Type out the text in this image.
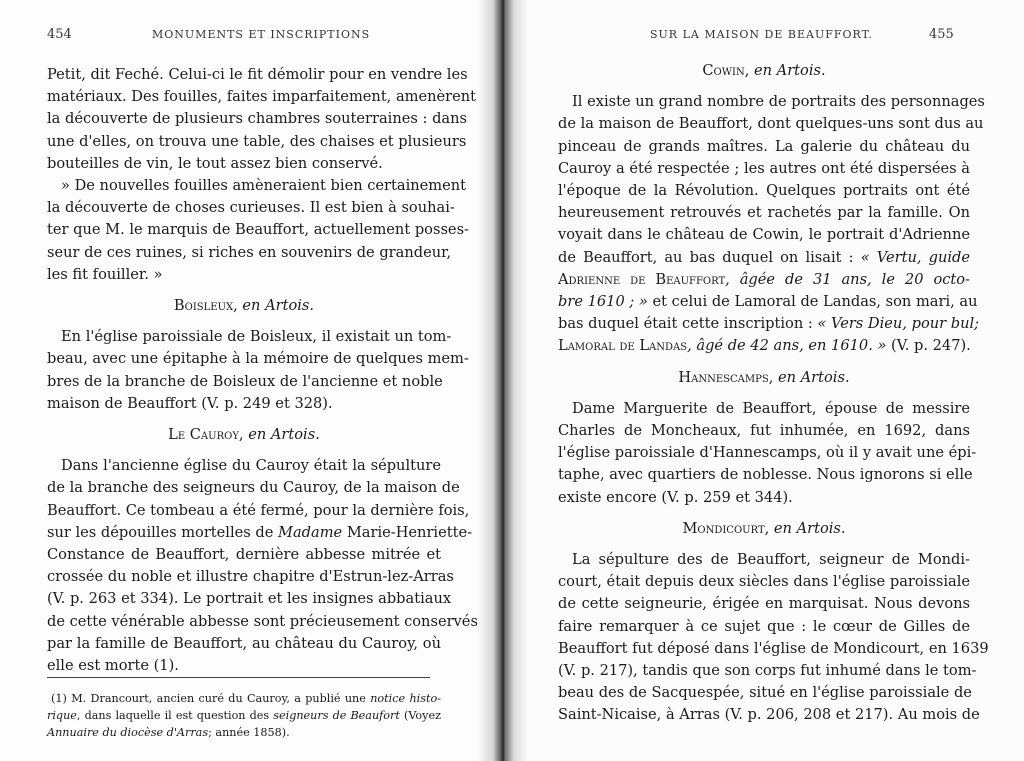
454	MONUMENTS ET INSCRIPTIONS
Petit, dit Feché. Celui-ci le fit démolir pour en vendre les
matériaux. Des fouilles, faites imparfaitement, amenèrent
la découverte de plusieurs chambres souterraines : dans
une d'elles, on trouva une table, des chaises et plusieurs
bouteilles de vin, le tout assez bien conservé.
» De nouvelles fouilles amèneraient bien certainement
la découverte de choses curieuses. Il est bien à souhai-
ter que M. le marquis de Beauffort, actuellement posses-
seur de ces ruines, si riches en souvenirs de grandeur,
les fit fouiller. »
Boisleux, en Artois.
En l'église paroissiale de Boisleux, il existait un tom-
beau, avec une épitaphe à la mémoire de quelques mem-
bres de la branche de Boisleux de l'ancienne et noble
maison de Beauffort (V. p. 249 et 328).
Le Cauroy, en Artois.
Dans l'ancienne église du Cauroy était la sépulture
de la branche des seigneurs du Cauroy, de la maison de
Beauffort. Ce tombeau a été fermé, pour la dernière fois,
sur les dépouilles mortelles de Madame Marie-Henriette-
Constance de Beauffort, dernière abbesse mitrée et
crossée du noble et illustre chapitre d'Estrun-lez-Arras
(V. p. 263 et 334). Le portrait et les insignes abbatiaux
de cette vénérable abbesse sont précieusement conservés
par la famille de Beauffort, au château du Cauroy, où
elle est morte (1).
(1) M. Drancourt, ancien curé du Cauroy, a publié une notice histo-
rique, dans laquelle il est question des seigneurs de Beaufort (Voyez
Annuaire du diocèse d'Arras; année 1858).
SUR LA MAISON DE BEAUFFORT.	455
Cowin, en Artois.
Il existe un grand nombre de portraits des personnages
de la maison de Beauffort, dont quelques-uns sont dus au
pinceau de grands maîtres. La galerie du château du
Cauroy a été respectée ; les autres ont été dispersées à
l'époque de la Révolution. Quelques portraits ont été
heureusement retrouvés et rachetés par la famille. On
voyait dans le château de Cowin, le portrait d'Adrienne
de Beauffort, au bas duquel on lisait : « Vertu, guide
Adrienne de Beauffort, âgée de 31 ans, le 20 octo-
bre 1610 ; » et celui de Lamoral de Landas, son mari, au
bas duquel était cette inscription : « Vers Dieu, pour bul;
Lamoral de Landas, âgé de 42 ans, en 1610. » (V. p. 247).
Hannescamps, en Artois.
Dame Marguerite de Beauffort, épouse de messire
Charles de Moncheaux, fut inhumée, en 1692, dans
l'église paroissiale d'Hannescamps, où il y avait une épi-
taphe, avec quartiers de noblesse. Nous ignorons si elle
existe encore (V. p. 259 et 344).
Mondicourt, en Artois.
La sépulture des de Beauffort, seigneur de Mondi-
court, était depuis deux siècles dans l'église paroissiale
de cette seigneurie, érigée en marquisat. Nous devons
faire remarquer à ce sujet que : le cœur de Gilles de
Beauffort fut déposé dans l'église de Mondicourt, en 1639
(V. p. 217), tandis que son corps fut inhumé dans le tom-
beau des de Sacquespée, situé en l'église paroissiale de
Saint-Nicaise, à Arras (V. p. 206, 208 et 217). Au mois de
